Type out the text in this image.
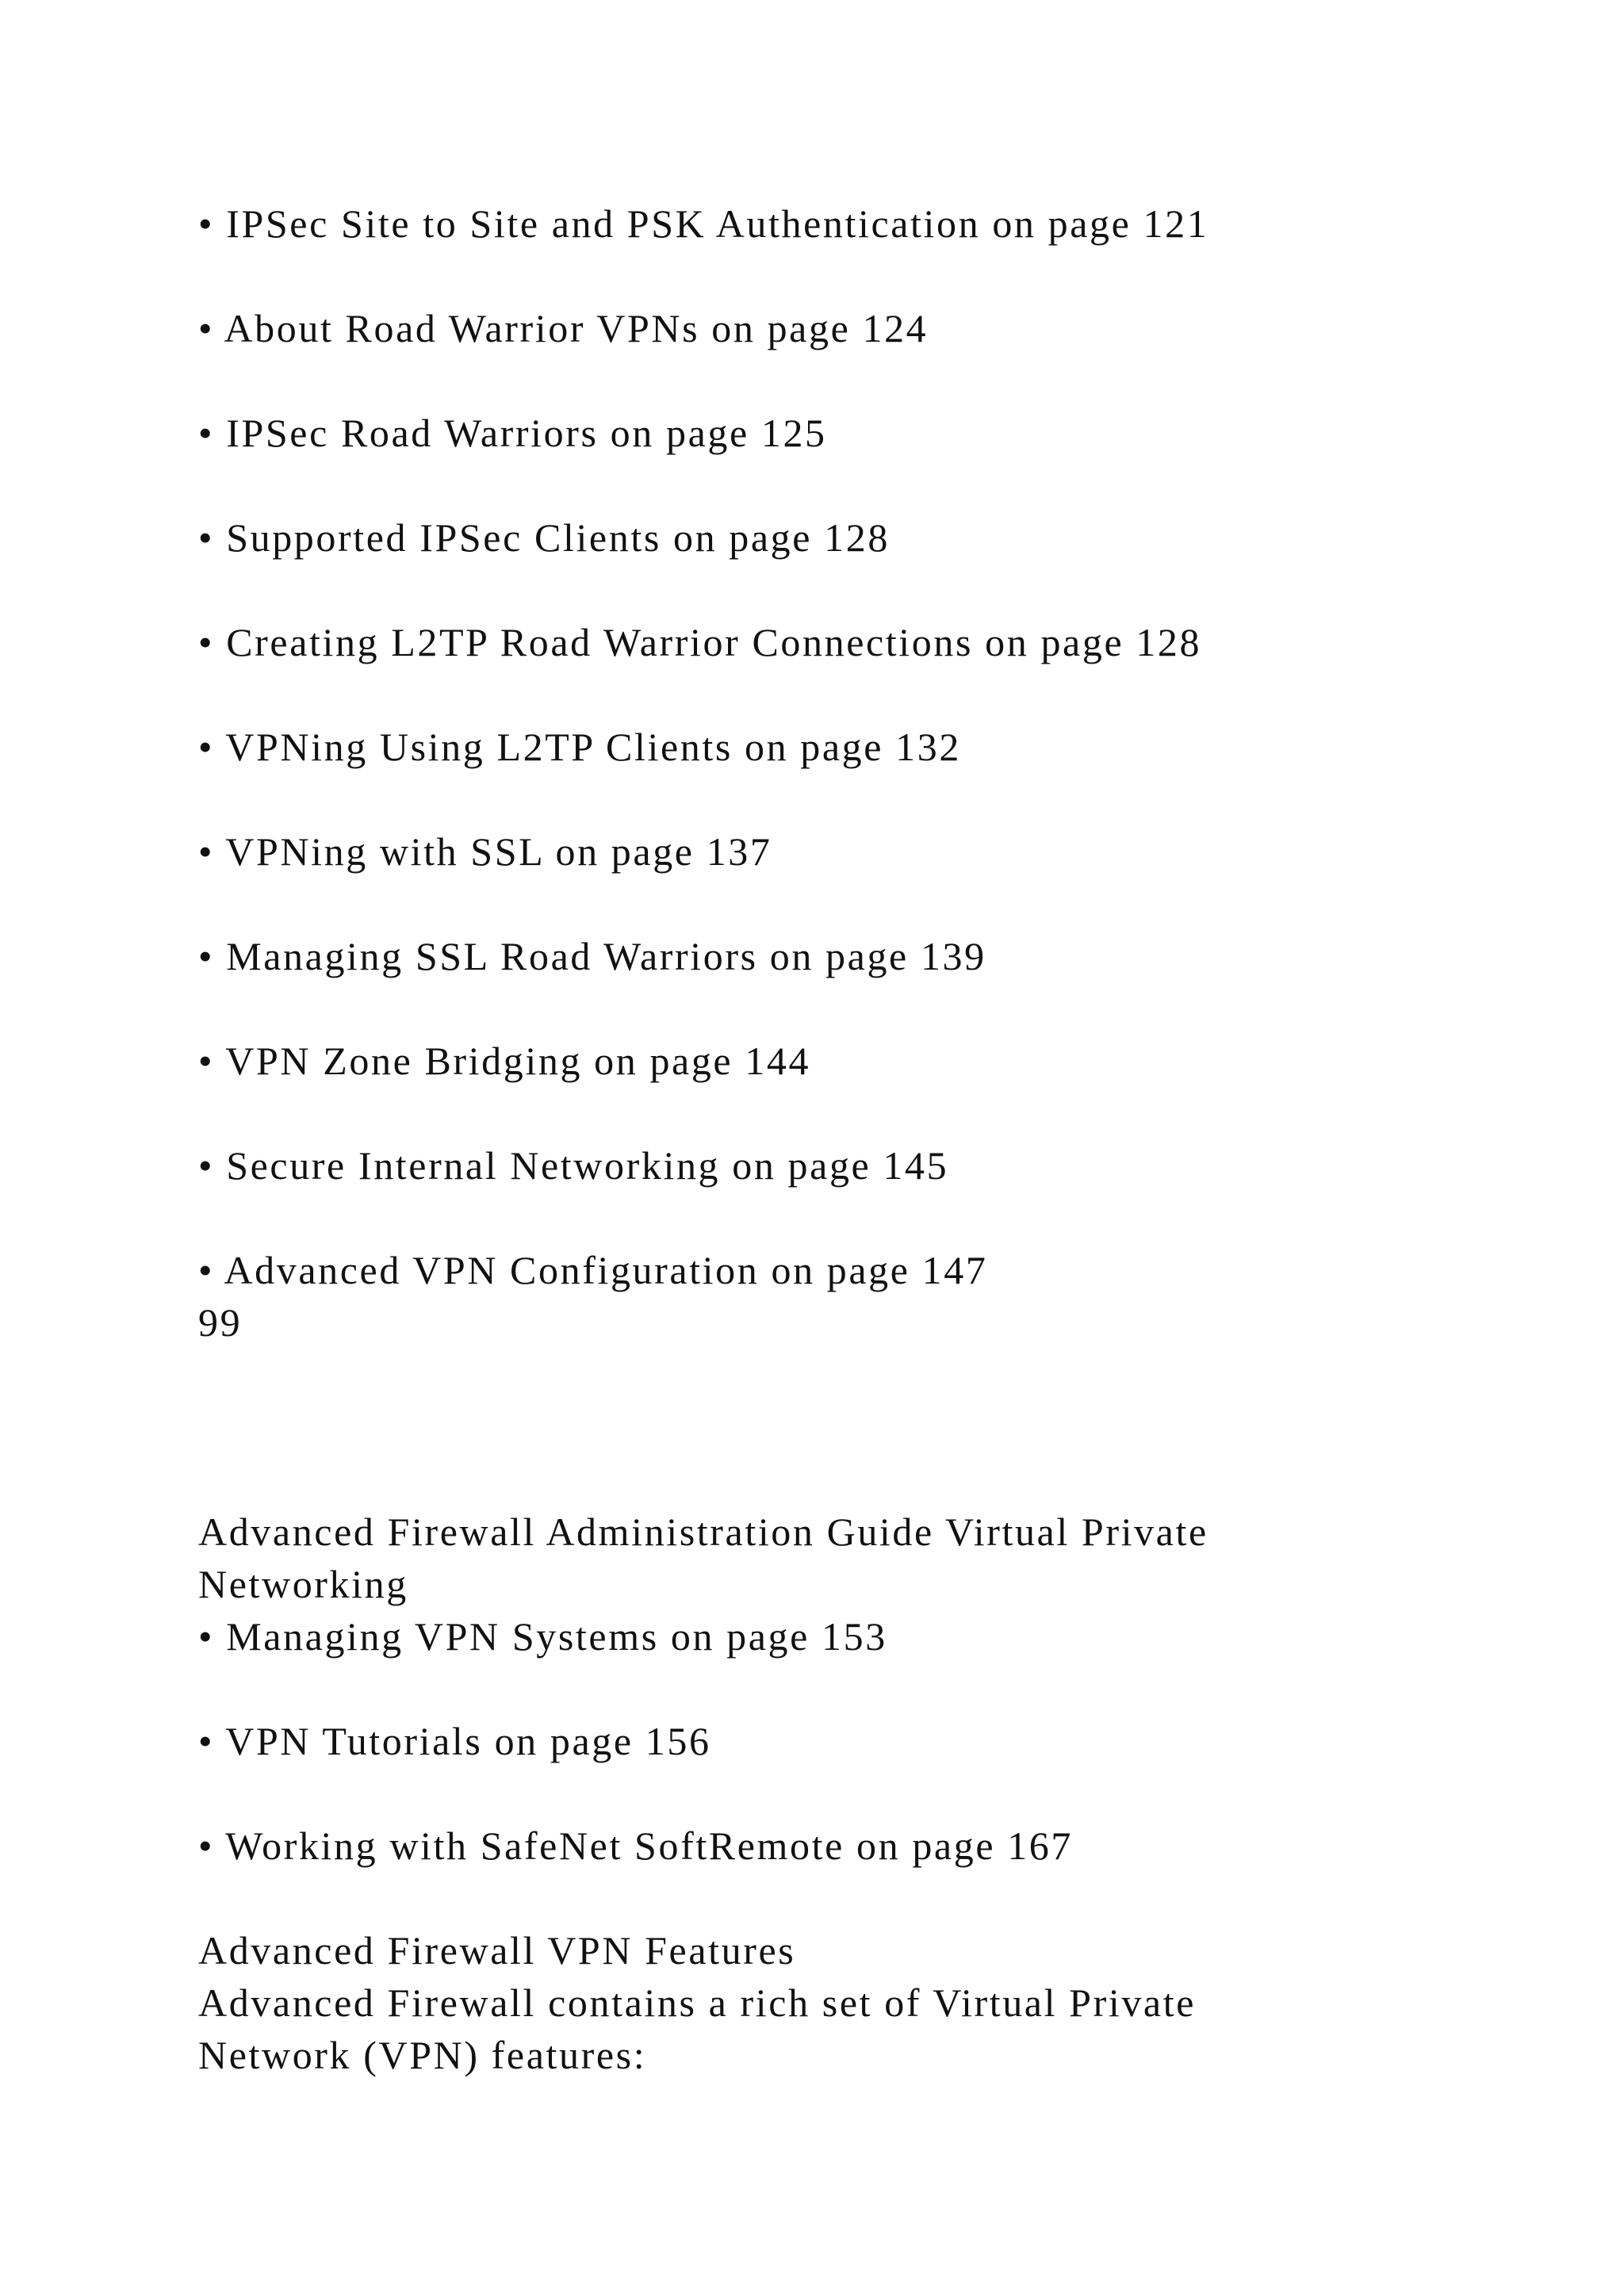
• IPSec Site to Site and PSK Authentication on page 121
• About Road Warrior VPNs on page 124
• IPSec Road Warriors on page 125
• Supported IPSec Clients on page 128
• Creating L2TP Road Warrior Connections on page 128
• VPNing Using L2TP Clients on page 132
• VPNing with SSL on page 137
• Managing SSL Road Warriors on page 139
• VPN Zone Bridging on page 144
• Secure Internal Networking on page 145
• Advanced VPN Configuration on page 147
99
Advanced Firewall Administration Guide Virtual Private
Networking
• Managing VPN Systems on page 153
• VPN Tutorials on page 156
• Working with SafeNet SoftRemote on page 167
Advanced Firewall VPN Features
Advanced Firewall contains a rich set of Virtual Private
Network (VPN) features:
